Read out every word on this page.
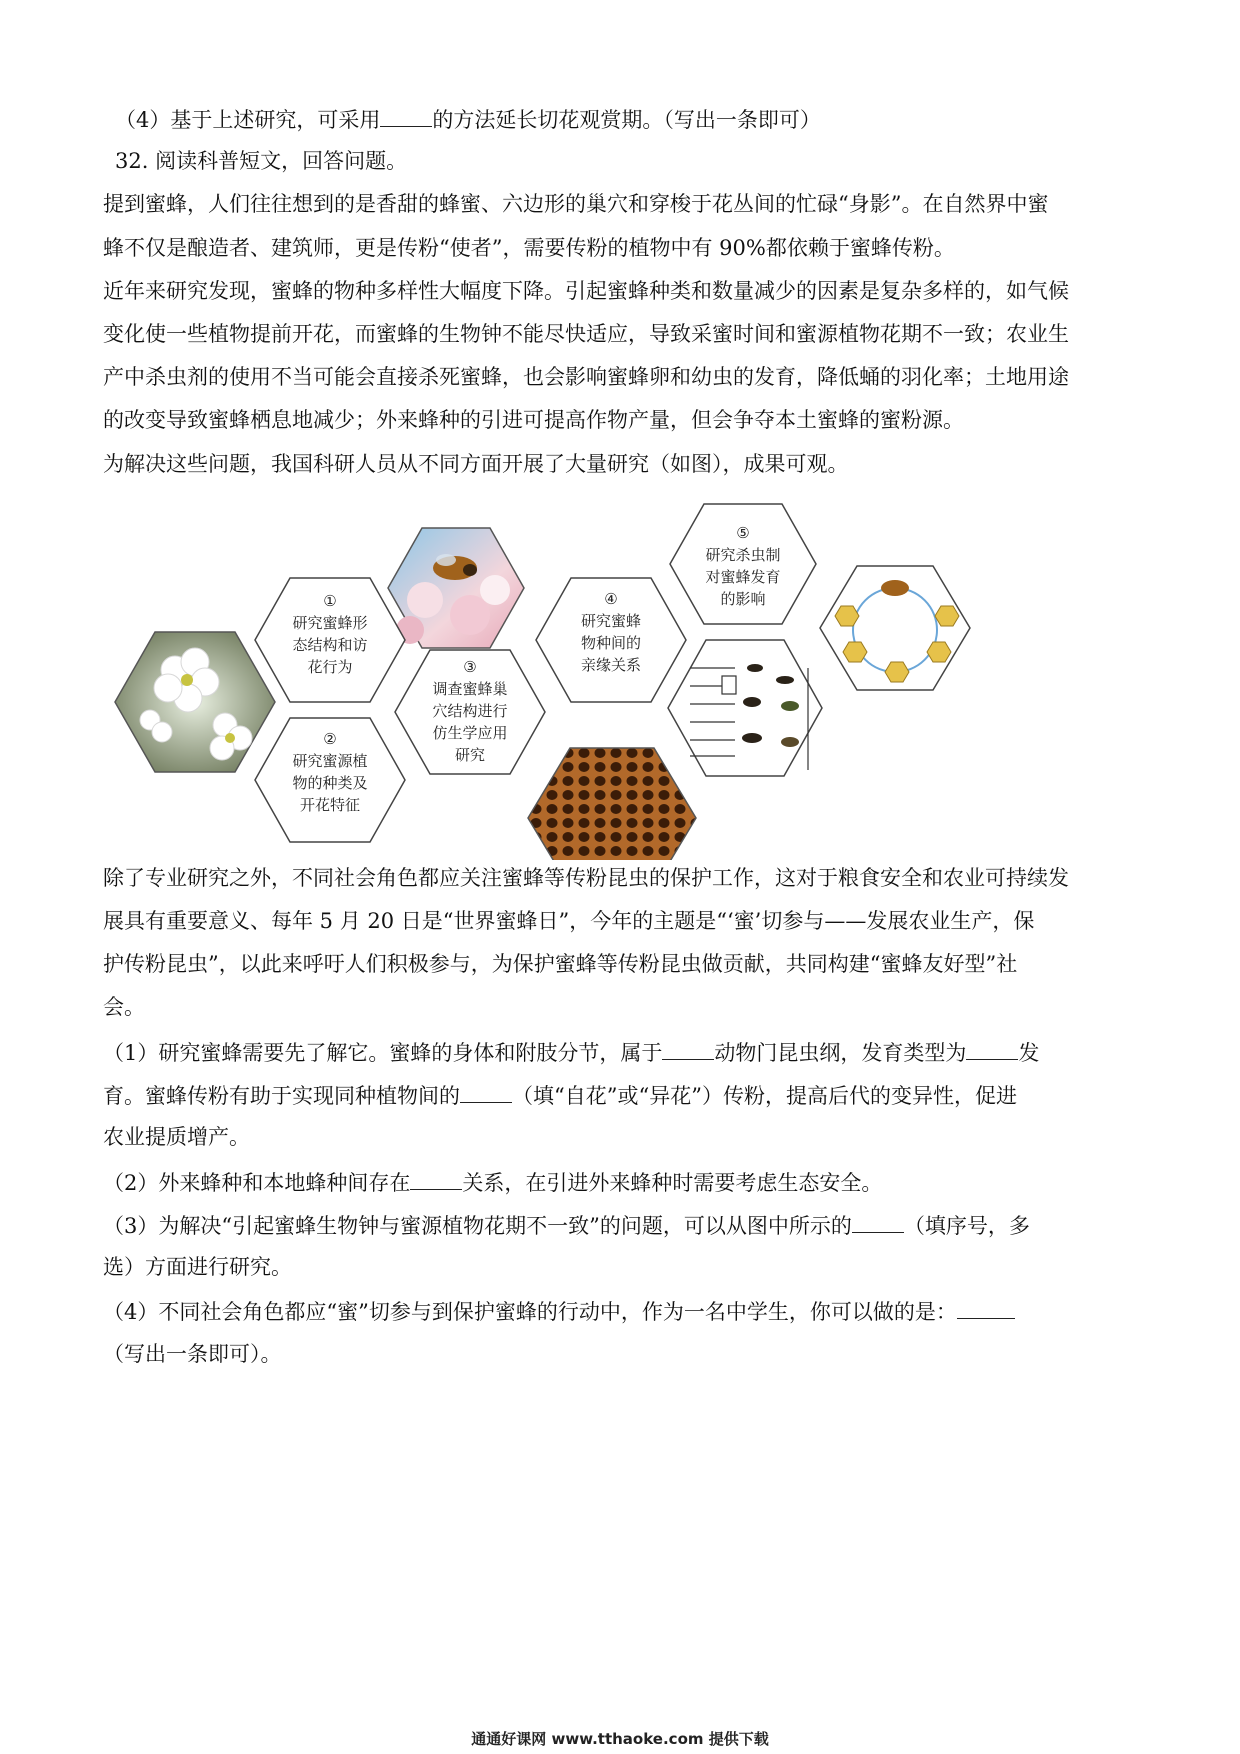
（4）基于上述研究，可采用 的方法延长切花观赏期。（写出一条即可）
32. 阅读科普短文，回答问题。
提到蜜蜂，人们往往想到的是香甜的蜂蜜、六边形的巢穴和穿梭于花丛间的忙碌“身影”。在自然界中蜜
蜂不仅是酿造者、建筑师，更是传粉“使者”，需要传粉的植物中有 90%都依赖于蜜蜂传粉。
近年来研究发现，蜜蜂的物种多样性大幅度下降。引起蜜蜂种类和数量减少的因素是复杂多样的，如气候
变化使一些植物提前开花，而蜜蜂的生物钟不能尽快适应，导致采蜜时间和蜜源植物花期不一致；农业生
产中杀虫剂的使用不当可能会直接杀死蜜蜂，也会影响蜜蜂卵和幼虫的发育，降低蛹的羽化率；土地用途
的改变导致蜜蜂栖息地减少；外来蜂种的引进可提高作物产量，但会争夺本土蜜蜂的蜜粉源。
为解决这些问题，我国科研人员从不同方面开展了大量研究（如图），成果可观。
①
研究蜜蜂形
态结构和访
花行为
②
研究蜜源植
物的种类及
开花特征
③
调查蜜蜂巢
穴结构进行
仿生学应用
研究
④
研究蜜蜂
物种间的
亲缘关系
⑤
研究杀虫制
对蜜蜂发育
的影响
除了专业研究之外，不同社会角色都应关注蜜蜂等传粉昆虫的保护工作，这对于粮食安全和农业可持续发
展具有重要意义、每年 5 月 20 日是“世界蜜蜂日”，今年的主题是“‘蜜’切参与——发展农业生产，保
护传粉昆虫”，以此来呼吁人们积极参与，为保护蜜蜂等传粉昆虫做贡献，共同构建“蜜蜂友好型”社
会。
（1）研究蜜蜂需要先了解它。蜜蜂的身体和附肢分节，属于 动物门昆虫纲，发育类型为 发
育。蜜蜂传粉有助于实现同种植物间的 （填“自花”或“异花”）传粉，提高后代的变异性，促进
农业提质增产。
（2）外来蜂种和本地蜂种间存在 关系，在引进外来蜂种时需要考虑生态安全。
（3）为解决“引起蜜蜂生物钟与蜜源植物花期不一致”的问题，可以从图中所示的 （填序号，多
选）方面进行研究。
（4）不同社会角色都应“蜜”切参与到保护蜜蜂的行动中，作为一名中学生，你可以做的是：
（写出一条即可）。
通通好课网 www.tthaoke.com 提供下载
